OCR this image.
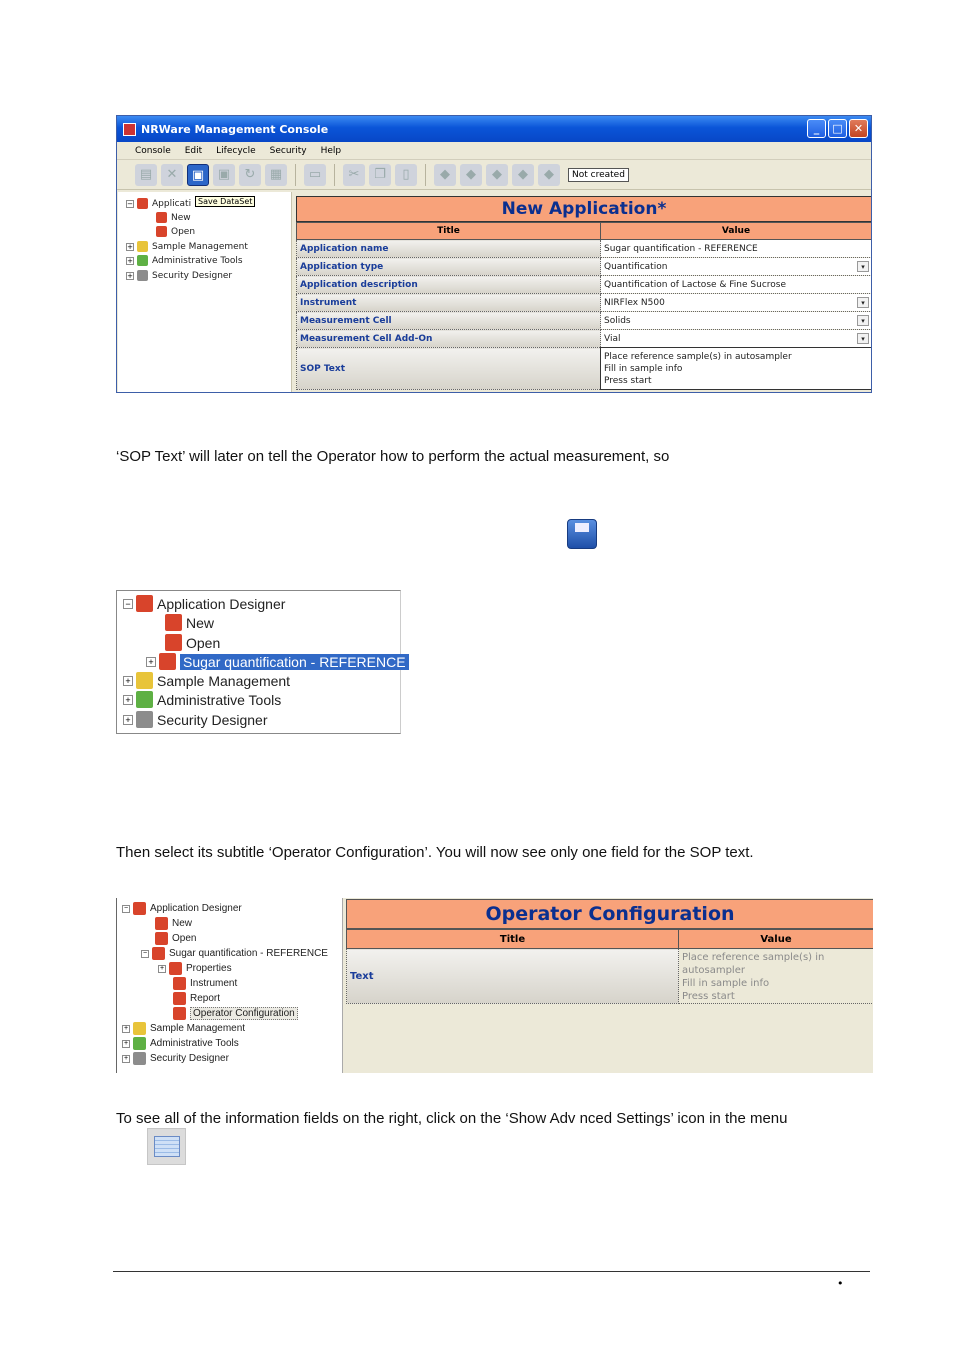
NRWare Management Console	_	□	✕
Console Edit Lifecycle Security Help
▤	✕	▣	▣	↻	▦	▭	✂	❐	▯	◆	◆	◆	◆	◆	Not created
− Applicati
New
Open
+ Sample Management
+ Administrative Tools
+ Security Designer
Save DataSet	New Application*
Title	Value
Application name	Sugar quantification - REFERENCE
Application type	Quantification ▾

Application description	Quantification of Lactose & Fine Sucrose
Instrument	NIRFlex N500 ▾

Measurement Cell	Solids ▾

Measurement Cell Add-On	Vial ▾

SOP Text	Place reference sample(s) in autosampler
Fill in sample info
Press start
‘SOP Text’ will later on tell the Operator how to perform the actual measurement, so
− Application Designer
New
Open
+ Sugar quantification - REFERENCE
+ Sample Management
+ Administrative Tools
+ Security Designer
Then select its subtitle ‘Operator Configuration’. You will now see only one field for the SOP text.
− Application Designer
New
Open
− Sugar quantification - REFERENCE
+ Properties
Instrument
Report
Operator Configuration
+ Sample Management
+ Administrative Tools
+ Security Designer
Operator Configuration
Title	Value
Text	Place reference sample(s) in autosampler
Fill in sample info
Press start
To see all of the information fields on the right, click on the ‘Show Adv nced Settings’ icon in the menu
•
